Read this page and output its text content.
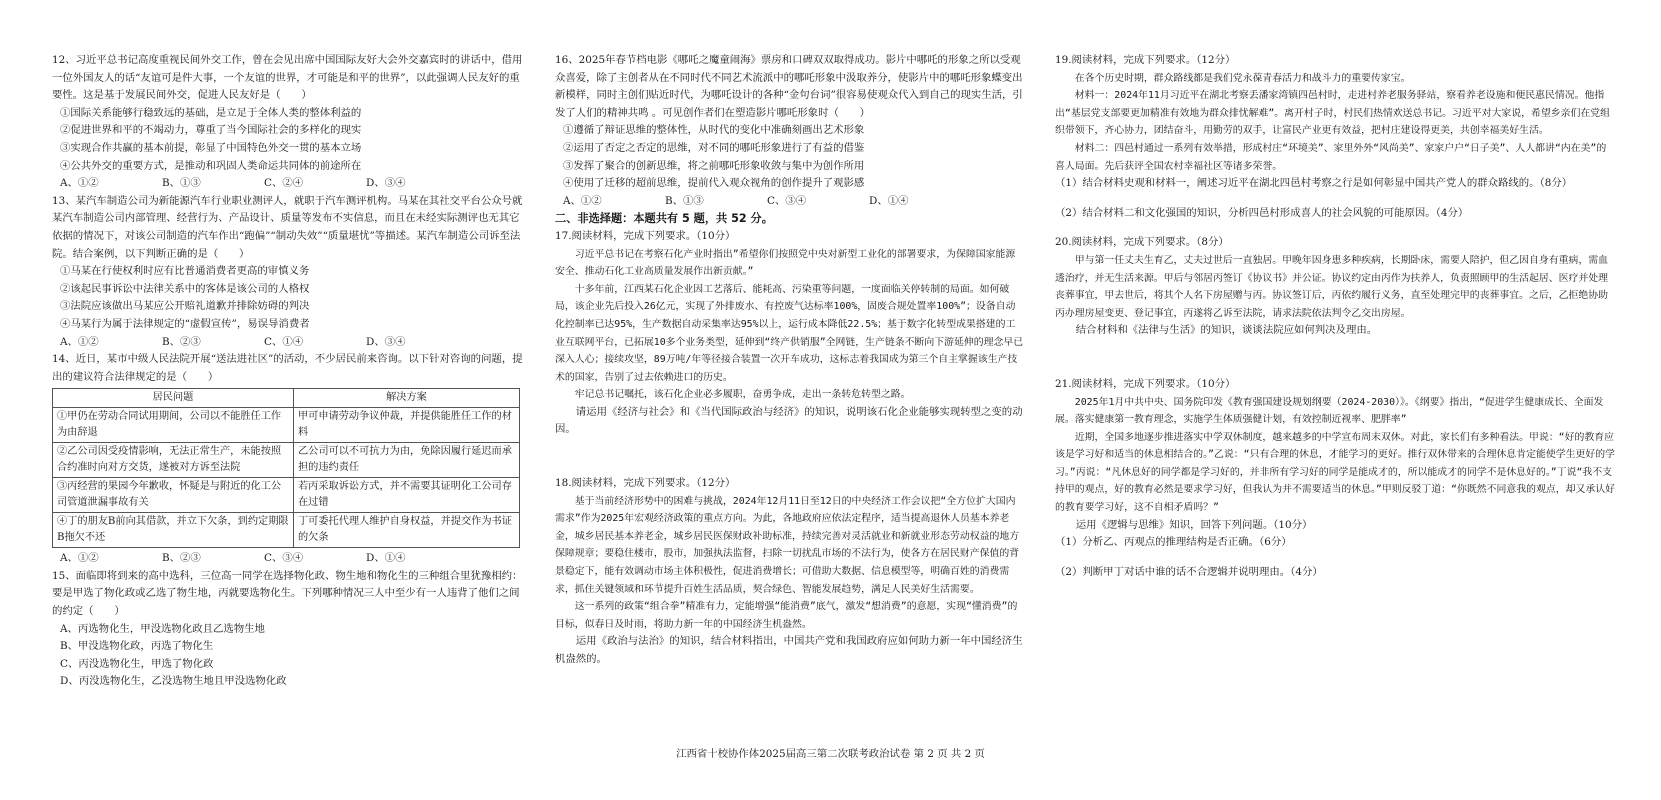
12、习近平总书记高度重视民间外交工作，曾在会见出席中国国际友好大会外交嘉宾时的讲话中，借用一位外国友人的话“友谊可是件大事，一个友谊的世界，才可能是和平的世界”，以此强调人民友好的重要性。这是基于发展民间外交，促进人民友好是（　　）

①国际关系能够行稳致远的基础，是立足于全体人类的整体利益的

②促进世界和平的不竭动力，尊重了当今国际社会的多样化的现实

③实现合作共赢的基本前提，彰显了中国特色外交一贯的基本立场

④公共外交的重要方式，是推动和巩固人类命运共同体的前途所在

A、①②	B、①③	C、②④	D、③④

13、某汽车制造公司为新能源汽车行业职业测评人，就职于汽车测评机构。马某在其社交平台公众号就某汽车制造公司内部管理、经营行为、产品设计、质量等发布不实信息，而且在未经实际测评也无其它依据的情况下，对该公司制造的汽车作出“跑偏”“制动失效”“质量堪忧”等描述。某汽车制造公司诉至法院。结合案例，以下判断正确的是（　　）

①马某在行使权利时应有比普通消费者更高的审慎义务

②该起民事诉讼中法律关系中的客体是该公司的人格权

③法院应该做出马某应公开赔礼道歉并排除妨碍的判决

④马某行为属于法律规定的“虚假宣传”，易误导消费者

A、①②	B、②③	C、①④	D、③④

14、近日，某市中级人民法院开展“送法进社区”的活动，不少居民前来咨询。以下针对咨询的问题，提出的建议符合法律规定的是（　　）

居民问题	解决方案
①甲仍在劳动合同试用期间，公司以不能胜任工作为由辞退	甲可申请劳动争议仲裁，并提供能胜任工作的材料
②乙公司因受疫情影响，无法正常生产，未能按照合约准时向对方交货，遂被对方诉至法院	乙公司可以不可抗力为由，免除因履行延迟而承担的违约责任
③丙经营的果园今年歉收，怀疑是与附近的化工公司管道泄漏事故有关	若丙采取诉讼方式，并不需要其证明化工公司存在过错
④丁的朋友B前向其借款，并立下欠条，到约定期限B拖欠不还	丁可委托代理人维护自身权益，并提交作为书证的欠条
A、①②	B、②③	C、③④	D、①④

15、面临即将到来的高中选科，三位高一同学在选择物化政、物生地和物化生的三种组合里犹豫相约：要是甲选了物化政或乙选了物生地，丙就要选物化生。下列哪种情况三人中至少有一人违背了他们之间的约定（　　）

A、丙选物化生，甲没选物化政且乙选物生地

B、甲没选物化政，丙选了物化生

C、丙没选物化生，甲选了物化政

D、丙没选物化生，乙没选物生地且甲没选物化政

16、2025年春节档电影《哪吒之魔童闹海》票房和口碑双双取得成功。影片中哪吒的形象之所以受观众喜爱，除了主创者从在不同时代不同艺术流派中的哪吒形象中汲取养分，使影片中的哪吒形象蝶变出新模样，同时主创们贴近时代，为哪吒设计的各种“金句台词”很容易使观众代入到自己的现实生活，引发了人们的精神共鸣 。可见创作者们在塑造影片哪吒形象时（　　）

①遵循了辩证思维的整体性，从时代的变化中准确刻画出艺术形象

②运用了否定之否定的思维，对不同的哪吒形象进行了有益的借鉴

③发挥了聚合的创新思维，将之前哪吒形象收敛与集中为创作所用

④使用了迁移的超前思维，提前代入观众视角的创作提升了观影感

A、①②	B、①③	C、③④	D、①④

二、非选择题：本题共有 5 题，共 52 分。

17.阅读材料，完成下列要求。（10分）

习近平总书记在考察石化产业时指出”希望你们按照党中央对新型工业化的部署要求，为保障国家能源安全、推动石化工业高质量发展作出新贡献。”

十多年前，江西某石化企业因工艺落后、能耗高、污染重等问题，一度面临关停转制的局面。如何破局，该企业先后投入26亿元，实现了外排废水、有控废气达标率100%，固废合规处置率100%”；设备自动化控制率已达95%，生产数据自动采集率达95%以上，运行成本降低22.5%；基于数字化转型成果搭建的工业互联网平台，已拓展10多个业务类型，延伸到“终产供销服”全网链，生产链条不断向下游延伸的理念早已深入人心；接续攻坚，89万吨/年等径接合装置一次开车成功，这标志着我国成为第三个自主掌握该生产技术的国家，告别了过去依赖进口的历史。

牢记总书记嘱托，该石化企业必多履职，奋勇争成，走出一条转危转型之路。

请运用《经济与社会》和《当代国际政治与经济》的知识，说明该石化企业能够实现转型之变的动因。

18.阅读材料，完成下列要求。（12分）

基于当前经济形势中的困难与挑战，2024年12月11日至12日的中央经济工作会议把“全方位扩大国内需求”作为2025年宏观经济政策的重点方向。为此，各地政府应依法定程序，适当提高退休人员基本养老金，城乡居民基本养老金，城乡居民医保财政补助标准，持续完善对灵活就业和新就业形态劳动权益的地方保障规章；要稳住楼市，股市，加强执法监督，扫除一切扰乱市场的不法行为，使各方在居民财产保值的背景稳定下，能有效调动市场主体积极性，促进消费增长；可借助大数据、信息模型等，明确百姓的消费需求，抓住关键领域和环节提升百姓生活品质，契合绿色、智能发展趋势，满足人民美好生活需要。

这一系列的政策“组合拳”精准有力，定能增强“能消费”底气，激发“想消费”的意愿，实现“懂消费”的目标，似春日及时雨，将助力新一年的中国经济生机盎然。

运用《政治与法治》的知识，结合材料指出，中国共产党和我国政府应如何助力新一年中国经济生机盎然的。

19.阅读材料，完成下列要求。（12分）

在各个历史时期，群众路线都是我们党永葆青春活力和战斗力的重要传家宝。

材料一：2024年11月习近平在湖北考察丢潘家湾镇四邑村时，走进村养老服务驿站，察看养老设施和便民惠民情况。他指出“基层党支部要更加精准有效地为群众排忧解难”。离开村子时，村民们热情欢送总书记。习近平对大家说，希望乡亲们在党组织带领下，齐心协力，团结奋斗，用勤劳的双手，让富民产业更有效益，把村庄建设得更美，共创幸福美好生活。

材料二：四邑村通过一系列有效举措，形成村庄“环境美”、家里外外“风尚美”、家家户户“日子美”、人人都讲“内在美”的喜人局面。先后获评全国农村幸福社区等诸多荣誉。

（1）结合材料史观和材料一，阐述习近平在湖北四邑村考察之行是如何彰显中国共产党人的群众路线的。（8分）

（2）结合材料二和文化强国的知识，分析四邑村形成喜人的社会风貌的可能原因。（4分）

20.阅读材料，完成下列要求。（8分）

甲与第一任丈夫生育乙，丈夫过世后一直独居。甲晚年因身患多种疾病，长期卧床，需要人陪护，但乙因自身有重病，需血透治疗，并无生活来源。甲后与邻居丙签订《协议书》并公证。协议约定由丙作为扶养人，负责照顾甲的生活起居、医疗并处理丧葬事宜，甲去世后，将其个人名下房屋赠与丙。协议签订后，丙依约履行义务，直至处理完甲的丧葬事宜。之后，乙拒绝协助丙办理房屋变更、登记事宜，丙遂将乙诉至法院，请求法院依法判令乙交出房屋。

结合材料和《法律与生活》的知识，谈谈法院应如何判决及理由。

21.阅读材料，完成下列要求。（10分）

2025年1月中共中央、国务院印发《教育强国建设规划纲要（2024-2030）》。《纲要》指出，“促进学生健康成长、全面发展。落实健康第一教育理念，实施学生体质强健计划，有效控制近视率、肥胖率”

近期，全国多地逐步推进落实中学双休制度，越来越多的中学宣布周末双休。对此，家长们有多种看法。甲说：“好的教育应该是学习好和适当的休息相结合的。”乙说：“只有合理的休息，才能学习的更好。推行双休带来的合理休息肯定能使学生更好的学习。”丙说：“凡休息好的同学都是学习好的，并非所有学习好的同学是能成才的，所以能成才的同学不是休息好的。”丁说“我不支持甲的观点，好的教育必然是要求学习好，但我认为并不需要适当的休息。”甲则反驳丁道：“你既然不同意我的观点，却又承认好的教育要学习好，这不自相矛盾吗？”

运用《逻辑与思维》知识，回答下列问题。（10分）

（1）分析乙、丙观点的推理结构是否正确。（6分）

（2）判断甲丁对话中谁的话不合逻辑并说明理由。（4分）

江西省十校协作体2025届高三第二次联考政治试卷 第 2 页 共 2 页
